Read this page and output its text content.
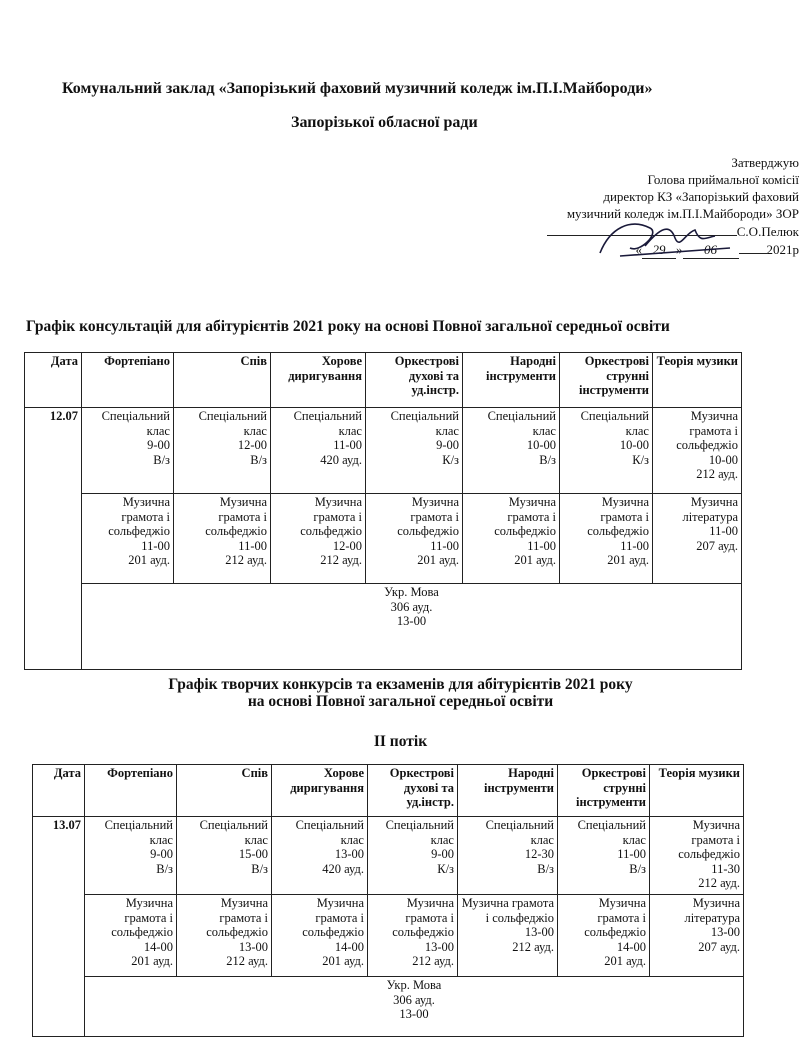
Комунальний заклад «Запорізький фаховий музичний коледж ім.П.І.Майбороди»
Запорізької обласної ради
Затверджую
Голова приймальної комісії
директор КЗ «Запорізький фаховий
музичний коледж ім.П.І.Майбороди» ЗОР
С.О.Пелюк
« 29 » 06	2021р
Графік консультацій для абітурієнтів 2021 року на основі Повної загальної середньої освіти
Дата	Фортепіано	Спів	Хорове диригування	Оркестрові духові та уд.інстр.	Народні інструменти	Оркестрові струнні інструменти	Теорія музики
12.07	Спеціальний клас
9-00
В/з	Спеціальний клас
12-00
В/з	Спеціальний клас
11-00
420 ауд.	Спеціальний клас
9-00
К/з	Спеціальний клас
10-00
В/з	Спеціальний клас
10-00
К/з	Музична грамота і сольфеджіо
10-00
212 ауд.

	Музична грамота і сольфеджіо
11-00
201 ауд.	Музична грамота і сольфеджіо
11-00
212 ауд.	Музична грамота і сольфеджіо
12-00
212 ауд.	Музична грамота і сольфеджіо
11-00
201 ауд.	Музична грамота і сольфеджіо
11-00
201 ауд.	Музична грамота і сольфеджіо
11-00
201 ауд.	Музична література
11-00
207 ауд.

	Укр. Мова
306 ауд.
13-00						
Графік творчих конкурсів та екзаменів для абітурієнтів 2021 року
на основі Повної загальної середньої освіти
ІІ потік
Дата	Фортепіано	Спів	Хорове диригування	Оркестрові духові та уд.інстр.	Народні інструменти	Оркестрові струнні інструменти	Теорія музики
13.07	Спеціальний клас
9-00
В/з	Спеціальний клас
15-00
В/з	Спеціальний клас
13-00
420 ауд.	Спеціальний клас
9-00
К/з	Спеціальний клас
12-30
В/з	Спеціальний клас
11-00
В/з	Музична грамота і сольфеджіо
11-30
212 ауд.

	Музична грамота і сольфеджіо
14-00
201 ауд.	Музична грамота і сольфеджіо
13-00
212 ауд.	Музична грамота і сольфеджіо
14-00
201 ауд.	Музична грамота і сольфеджіо
13-00
212 ауд.	Музична грамота і сольфеджіо
13-00
212 ауд.	Музична грамота і сольфеджіо
14-00
201 ауд.	Музична література
13-00
207 ауд.

	Укр. Мова
306 ауд.
13-00						
